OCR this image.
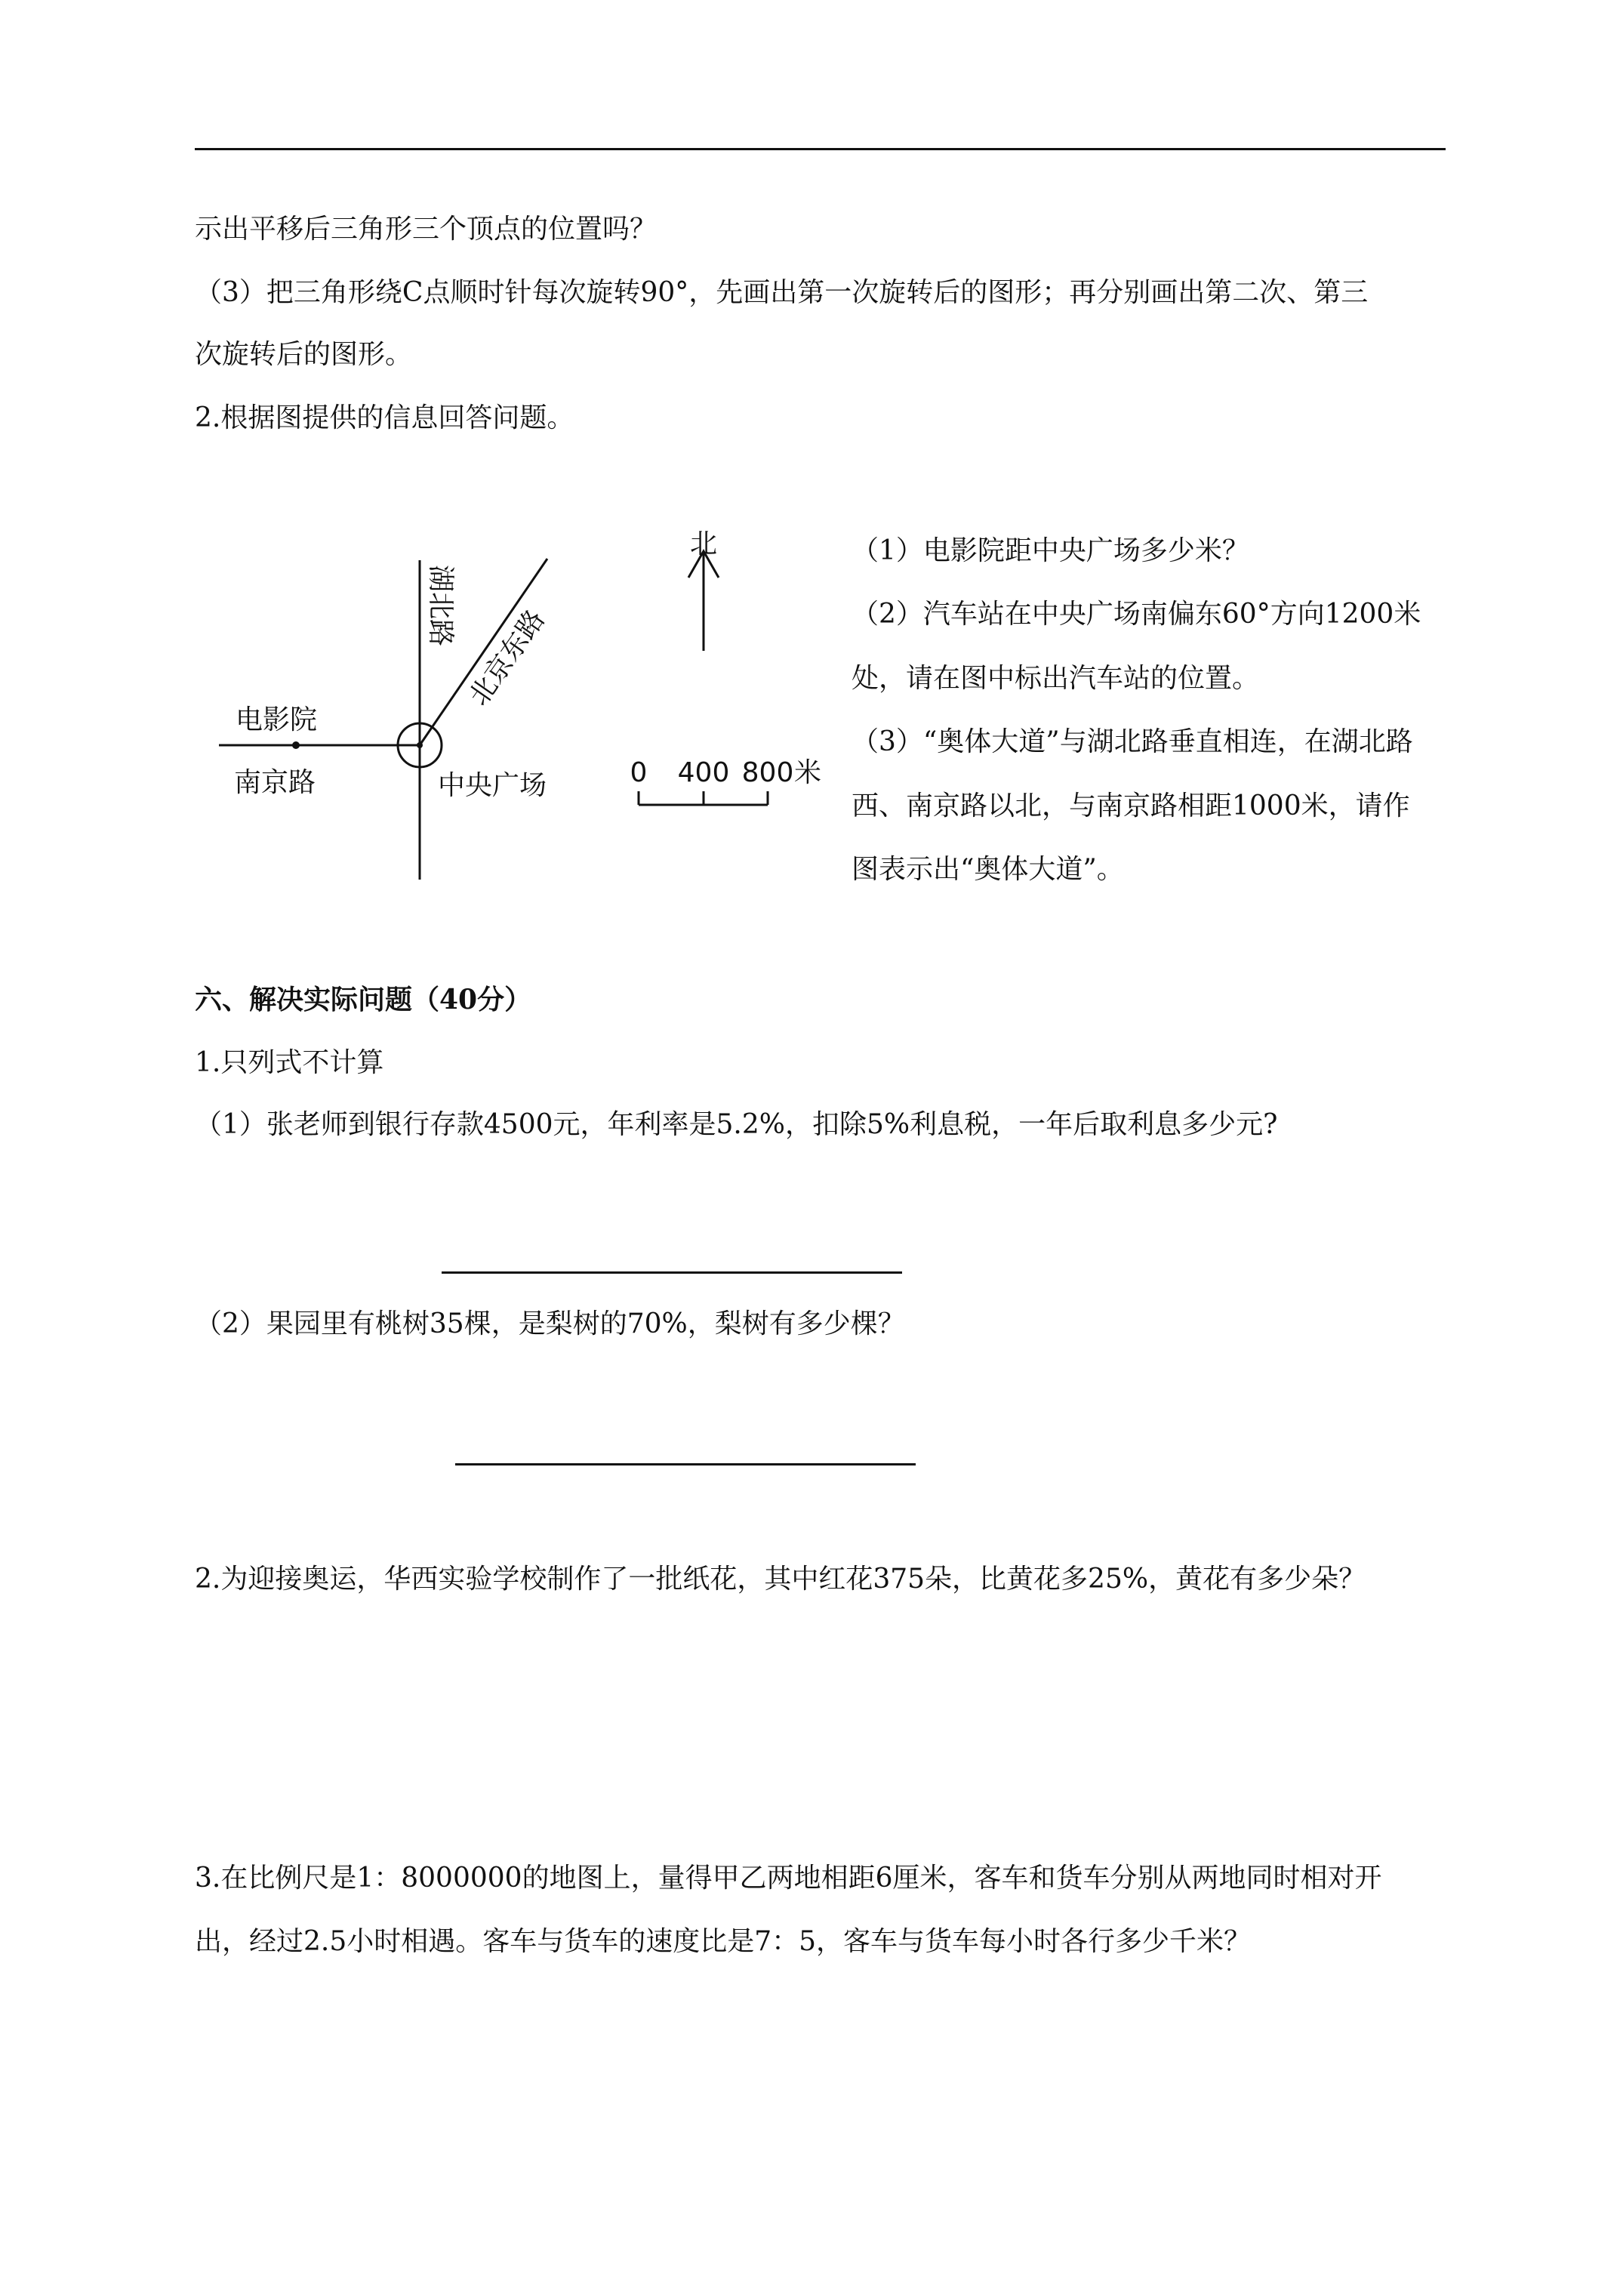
示出平移后三角形三个顶点的位置吗？
（3）把三角形绕C点顺时针每次旋转90°，先画出第一次旋转后的图形；再分别画出第二次、第三
次旋转后的图形。
2.根据图提供的信息回答问题。
北
0 400 800 米
湖北路 北京东路
电影院
南京路	中央广场
（1）电影院距中央广场多少米？
（2）汽车站在中央广场南偏东60°方向1200米
处，请在图中标出汽车站的位置。
（3）“奥体大道”与湖北路垂直相连，在湖北路
西、南京路以北，与南京路相距1000米，请作
图表示出“奥体大道”。
六、解决实际问题（40分）
1.只列式不计算
（1）张老师到银行存款4500元，年利率是5.2%，扣除5%利息税，一年后取利息多少元?
（2）果园里有桃树35棵，是梨树的70%，梨树有多少棵？
2.为迎接奥运，华西实验学校制作了一批纸花，其中红花375朵，比黄花多25%，黄花有多少朵？
3.在比例尺是1：8000000的地图上，量得甲乙两地相距6厘米，客车和货车分别从两地同时相对开
出，经过2.5小时相遇。客车与货车的速度比是7：5，客车与货车每小时各行多少千米？
